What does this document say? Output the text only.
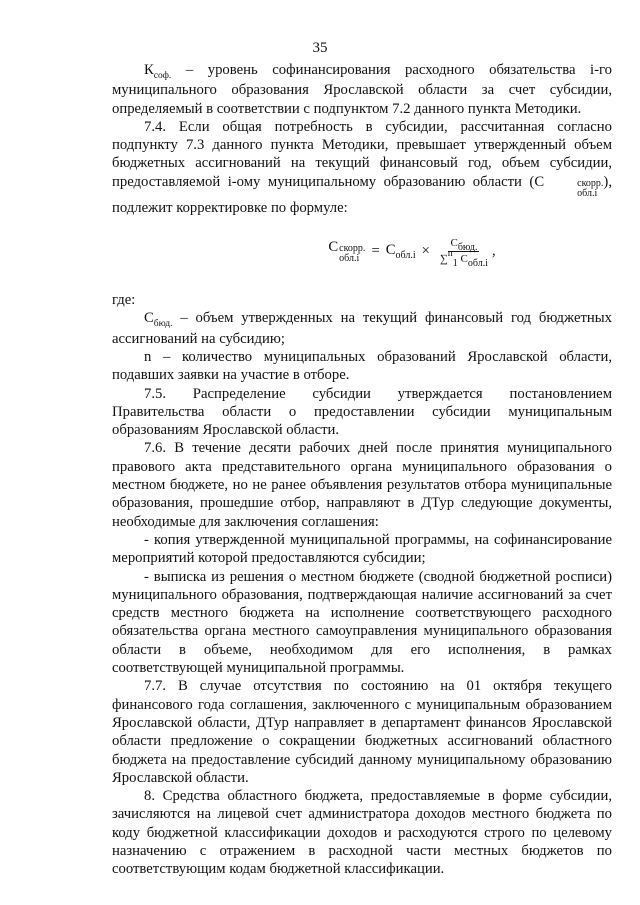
35

$К_{соф.}$ – уровень софинансирования расходного обязательства i-го муниципального образования Ярославской области за счет субсидии, определяемый в соответствии с подпунктом 7.2 данного пункта Методики.

7.4. Если общая потребность в субсидии, рассчитанная согласно подпункту 7.3 данного пункта Методики, превышает утвержденный объем бюджетных ассигнований на текущий финансовый год, объем субсидии, предоставляемой i-ому муниципальному образованию области (С	скорр.
обл.i
), подлежит корректировке по формуле:

С скорр.
обл.i = С $обл.i \times \frac{\text{Сбюд.}}{\text{∑n1 Собл.i}}$ ,

где:

$С_{бюд.}$ – объем утвержденных на текущий финансовый год бюджетных ассигнований на субсидию;

n – количество муниципальных образований Ярославской области, подавших заявки на участие в отборе.

7.5. Распределение субсидии утверждается постановлением Правительства области о предоставлении субсидии муниципальным образованиям Ярославской области.

7.6. В течение десяти рабочих дней после принятия муниципального правового акта представительного органа муниципального образования о местном бюджете, но не ранее объявления результатов отбора муниципальные образования, прошедшие отбор, направляют в ДТур следующие документы, необходимые для заключения соглашения:

- копия утвержденной муниципальной программы, на софинансирование мероприятий которой предоставляются субсидии;

- выписка из решения о местном бюджете (сводной бюджетной росписи) муниципального образования, подтверждающая наличие ассигнований за счет средств местного бюджета на исполнение соответствующего расходного обязательства органа местного самоуправления муниципального образования области в объеме, необходимом для его исполнения, в рамках соответствующей муниципальной программы.

7.7. В случае отсутствия по состоянию на 01 октября текущего финансового года соглашения, заключенного с муниципальным образованием Ярославской области, ДТур направляет в департамент финансов Ярославской области предложение о сокращении бюджетных ассигнований областного бюджета на предоставление субсидий данному муниципальному образованию Ярославской области.

8. Средства областного бюджета, предоставляемые в форме субсидии, зачисляются на лицевой счет администратора доходов местного бюджета по коду бюджетной классификации доходов и расходуются строго по целевому назначению с отражением в расходной части местных бюджетов по соответствующим кодам бюджетной классификации.
